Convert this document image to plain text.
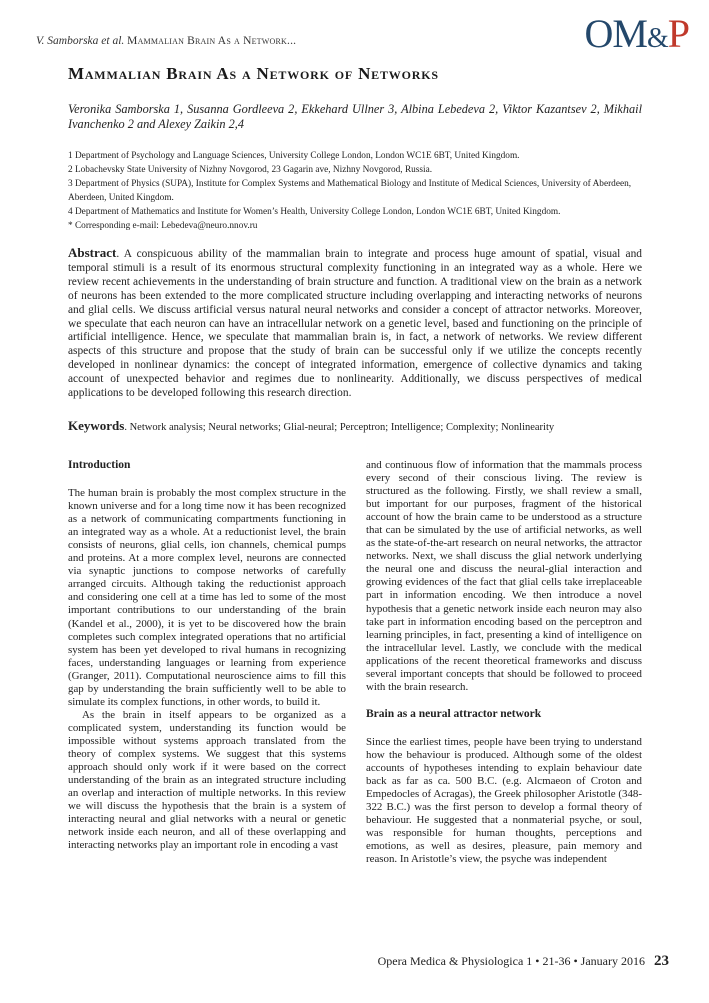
V. Samborska et al. Mammalian Brain As a Network...	OM&P
Mammalian Brain As a Network of Networks
Veronika Samborska 1, Susanna Gordleeva 2, Ekkehard Ullner 3, Albina Lebedeva 2, Viktor Kazantsev 2, Mikhail Ivanchenko 2 and Alexey Zaikin 2,4
1 Department of Psychology and Language Sciences, University College London, London WC1E 6BT, United Kingdom.
2 Lobachevsky State University of Nizhny Novgorod, 23 Gagarin ave, Nizhny Novgorod, Russia.
3 Department of Physics (SUPA), Institute for Complex Systems and Mathematical Biology and Institute of Medical Sciences, University of Aberdeen, Aberdeen, United Kingdom.
4 Department of Mathematics and Institute for Women’s Health, University College London, London WC1E 6BT, United Kingdom.
* Corresponding e-mail: Lebedeva@neuro.nnov.ru
Abstract. A conspicuous ability of the mammalian brain to integrate and process huge amount of spatial, visual and temporal stimuli is a result of its enormous structural complexity functioning in an integrated way as a whole. Here we review recent achievements in the understanding of brain structure and function. A traditional view on the brain as a network of neurons has been extended to the more complicated structure including overlapping and interacting networks of neurons and glial cells. We discuss artificial versus natural neural networks and consider a concept of attractor networks. Moreover, we speculate that each neuron can have an intracellular network on a genetic level, based and functioning on the principle of artificial intelligence. Hence, we speculate that mammalian brain is, in fact, a network of networks. We review different aspects of this structure and propose that the study of brain can be successful only if we utilize the concepts recently developed in nonlinear dynamics: the concept of integrated information, emergence of collective dynamics and taking account of unexpected behavior and regimes due to nonlinearity. Additionally, we discuss perspectives of medical applications to be developed following this research direction.
Keywords. Network analysis; Neural networks; Glial-neural; Perceptron; Intelligence; Complexity; Nonlinearity
Introduction

The human brain is probably the most complex structure in the known universe and for a long time now it has been recognized as a network of communicating compartments functioning in an integrated way as a whole. At a reductionist level, the brain consists of neurons, glial cells, ion channels, chemical pumps and proteins. At a more complex level, neurons are connected via synaptic junctions to compose networks of carefully arranged circuits. Although taking the reductionist approach and considering one cell at a time has led to some of the most important contributions to our understanding of the brain (Kandel et al., 2000), it is yet to be discovered how the brain completes such complex integrated operations that no artificial system has been yet developed to rival humans in recognizing faces, understanding languages or learning from experience (Granger, 2011). Computational neuroscience aims to fill this gap by understanding the brain sufficiently well to be able to simulate its complex functions, in other words, to build it.

As the brain in itself appears to be organized as a complicated system, understanding its function would be impossible without systems approach translated from the theory of complex systems. We suggest that this systems approach should only work if it were based on the correct understanding of the brain as an integrated structure including an overlap and interaction of multiple networks. In this review we will discuss the hypothesis that the brain is a system of interacting neural and glial networks with a neural or genetic network inside each neuron, and all of these overlapping and interacting networks play an important role in encoding a vast

and continuous flow of information that the mammals process every second of their conscious living. The review is structured as the following. Firstly, we shall review a small, but important for our purposes, fragment of the historical account of how the brain came to be understood as a structure that can be simulated by the use of artificial networks, as well as the state-of-the-art research on neural networks, the attractor networks. Next, we shall discuss the glial network underlying the neural one and discuss the neural-glial interaction and growing evidences of the fact that glial cells take irreplaceable part in information encoding. We then introduce a novel hypothesis that a genetic network inside each neuron may also take part in information encoding based on the perceptron and learning principles, in fact, presenting a kind of intelligence on the intracellular level. Lastly, we conclude with the medical applications of the recent theoretical frameworks and discuss several important concepts that should be followed to proceed with the brain research.

Brain as a neural attractor network

Since the earliest times, people have been trying to understand how the behaviour is produced. Although some of the oldest accounts of hypotheses intending to explain behaviour date back as far as ca. 500 B.C. (e.g. Alcmaeon of Croton and Empedocles of Acragas), the Greek philosopher Aristotle (348-322 B.C.) was the first person to develop a formal theory of behaviour. He suggested that a nonmaterial psyche, or soul, was responsible for human thoughts, perceptions and emotions, as well as desires, pleasure, pain memory and reason. In Aristotle’s view, the psyche was independent

Opera Medica & Physiologica 1 • 21-36 • January 2016 23
